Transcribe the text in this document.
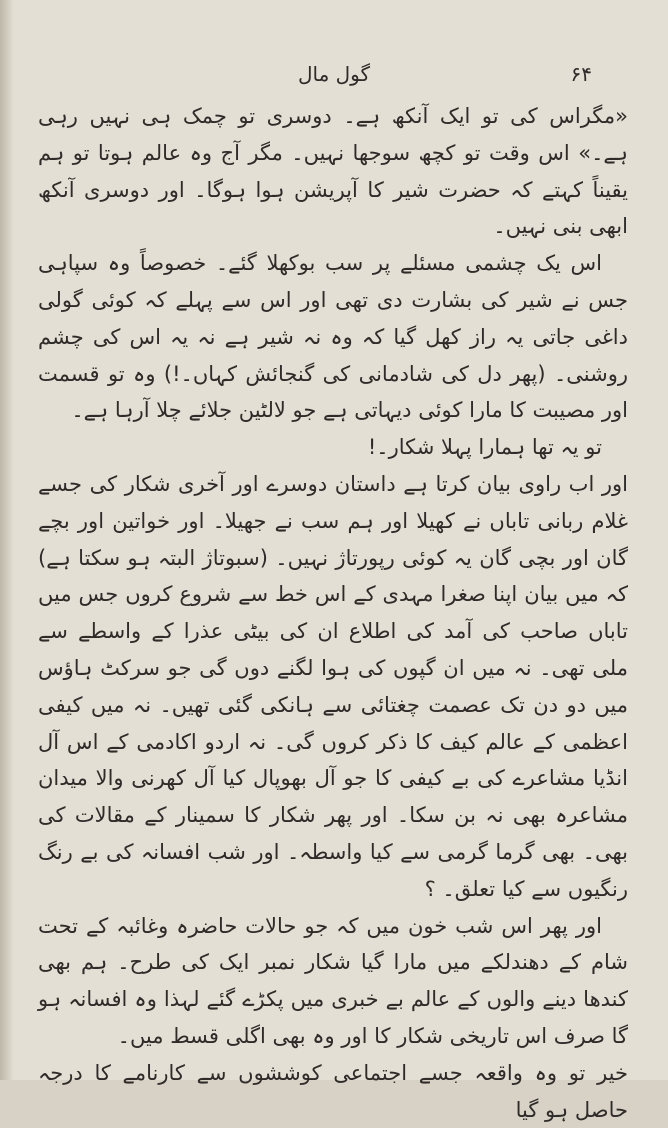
گول مال	۶۴

«مگراس کی تو ایک آنکھ ہے۔ دوسری تو چمک ہی نہیں رہی ہے۔» اس وقت تو کچھ سوجھا نہیں۔ مگر آج وہ عالم ہوتا تو ہم یقیناً کہتے کہ حضرت شیر کا آپریشن ہوا ہوگا۔ اور دوسری آنکھ ابھی بنی نہیں۔

اس یک چشمی مسئلے پر سب بوکھلا گئے۔ خصوصاً وہ سپاہی جس نے شیر کی بشارت دی تھی اور اس سے پہلے کہ کوئی گولی داغی جاتی یہ راز کھل گیا کہ وہ نہ شیر ہے نہ یہ اس کی چشم روشنی۔ (پھر دل کی شادمانی کی گنجائش کہاں۔!) وہ تو قسمت اور مصیبت کا مارا کوئی دیہاتی ہے جو لالٹین جلائے چلا آرہا ہے۔

تو یہ تھا ہمارا پہلا شکار۔!

اور اب راوی بیان کرتا ہے داستان دوسرے اور آخری شکار کی جسے غلام ربانی تاباں نے کھیلا اور ہم سب نے جھیلا۔ اور خواتین اور بچے گان اور بچی گان یہ کوئی رپورتاژ نہیں۔ (سبوتاژ البتہ ہو سکتا ہے) کہ میں بیان اپنا صغرا مہدی کے اس خط سے شروع کروں جس میں تاباں صاحب کی آمد کی اطلاع ان کی بیٹی عذرا کے واسطے سے ملی تھی۔ نہ میں ان گپوں کی ہوا لگنے دوں گی جو سرکٹ ہاؤس میں دو دن تک عصمت چغتائی سے ہانکی گئی تھیں۔ نہ میں کیفی اعظمی کے عالم کیف کا ذکر کروں گی۔ نہ اردو اکادمی کے اس آل انڈیا مشاعرے کی بے کیفی کا جو آل بھوپال کیا آل کھرنی والا میدان مشاعرہ بھی نہ بن سکا۔ اور پھر شکار کا سمینار کے مقالات کی بھی۔ بھی گرما گرمی سے کیا واسطہ۔ اور شب افسانہ کی بے رنگ رنگیوں سے کیا تعلق۔ ؟

اور پھر اس شب خون میں کہ جو حالات حاضرہ وغائبہ کے تحت شام کے دھندلکے میں مارا گیا شکار نمبر ایک کی طرح۔ ہم بھی کندھا دینے والوں کے عالم بے خبری میں پکڑے گئے لہذا وہ افسانہ ہو گا صرف اس تاریخی شکار کا اور وہ بھی اگلی قسط میں۔

خیر تو وہ واقعہ جسے اجتماعی کوششوں سے کارنامے کا درجہ حاصل ہو گیا
